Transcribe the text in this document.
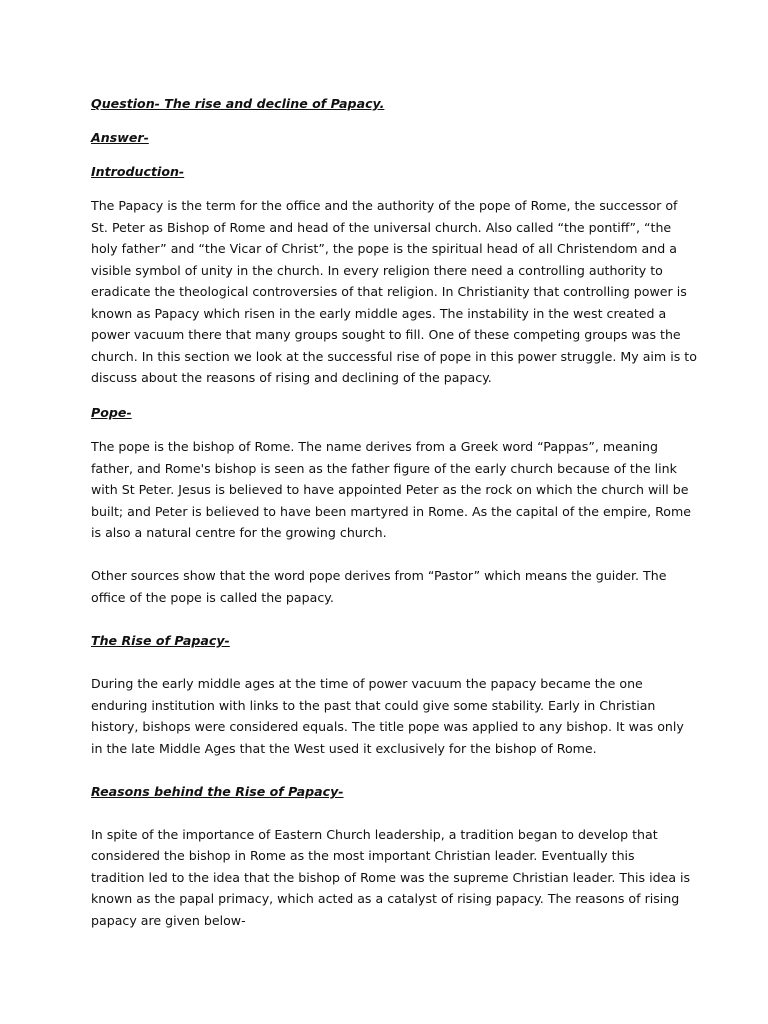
Question- The rise and decline of Papacy.
Answer-
Introduction-
The Papacy is the term for the office and the authority of the pope of Rome, the successor of
St. Peter as Bishop of Rome and head of the universal church. Also called “the pontiff”, “the
holy father” and “the Vicar of Christ”, the pope is the spiritual head of all Christendom and a
visible symbol of unity in the church. In every religion there need a controlling authority to
eradicate the theological controversies of that religion. In Christianity that controlling power is
known as Papacy which risen in the early middle ages. The instability in the west created a
power vacuum there that many groups sought to fill. One of these competing groups was the
church. In this section we look at the successful rise of pope in this power struggle. My aim is to
discuss about the reasons of rising and declining of the papacy.
Pope-
The pope is the bishop of Rome. The name derives from a Greek word “Pappas”, meaning
father, and Rome's bishop is seen as the father figure of the early church because of the link
with St Peter. Jesus is believed to have appointed Peter as the rock on which the church will be
built; and Peter is believed to have been martyred in Rome. As the capital of the empire, Rome
is also a natural centre for the growing church.
Other sources show that the word pope derives from “Pastor” which means the guider. The
office of the pope is called the papacy.
The Rise of Papacy-
During the early middle ages at the time of power vacuum the papacy became the one
enduring institution with links to the past that could give some stability. Early in Christian
history, bishops were considered equals. The title pope was applied to any bishop. It was only
in the late Middle Ages that the West used it exclusively for the bishop of Rome.
Reasons behind the Rise of Papacy-
In spite of the importance of Eastern Church leadership, a tradition began to develop that
considered the bishop in Rome as the most important Christian leader. Eventually this
tradition led to the idea that the bishop of Rome was the supreme Christian leader. This idea is
known as the papal primacy, which acted as a catalyst of rising papacy. The reasons of rising
papacy are given below-
